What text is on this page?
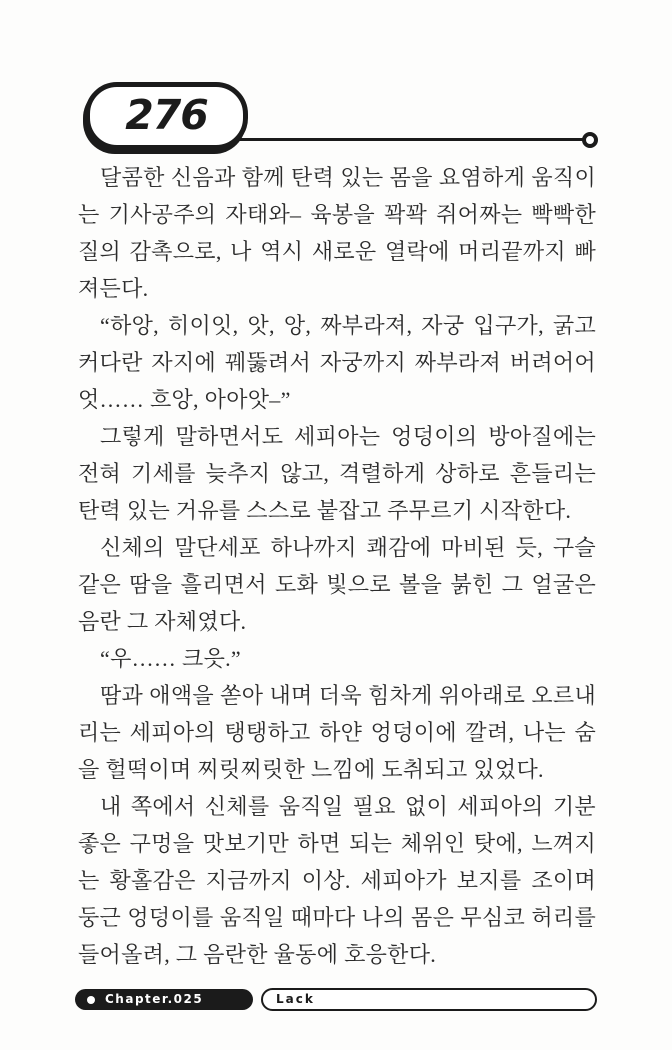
276

달콤한 신음과 함께 탄력 있는 몸을 요염하게 움직이는 기사공주의 자태와– 육봉을 꽉꽉 쥐어짜는 빡빡한 질의 감촉으로, 나 역시 새로운 열락에 머리끝까지 빠져든다.

“하앙, 히이잇, 앗, 앙, 짜부라져, 자궁 입구가, 굵고 커다란 자지에 꿰뚫려서 자궁까지 짜부라져 버려어어엇…… 흐앙, 아아앗–”

그렇게 말하면서도 세피아는 엉덩이의 방아질에는 전혀 기세를 늦추지 않고, 격렬하게 상하로 흔들리는 탄력 있는 거유를 스스로 붙잡고 주무르기 시작한다.

신체의 말단세포 하나까지 쾌감에 마비된 듯, 구슬 같은 땀을 흘리면서 도화 빛으로 볼을 붉힌 그 얼굴은 음란 그 자체였다.

“우…… 크읏.”

땀과 애액을 쏟아 내며 더욱 힘차게 위아래로 오르내리는 세피아의 탱탱하고 하얀 엉덩이에 깔려, 나는 숨을 헐떡이며 찌릿찌릿한 느낌에 도취되고 있었다.

내 쪽에서 신체를 움직일 필요 없이 세피아의 기분 좋은 구멍을 맛보기만 하면 되는 체위인 탓에, 느껴지는 황홀감은 지금까지 이상. 세피아가 보지를 조이며 둥근 엉덩이를 움직일 때마다 나의 몸은 무심코 허리를 들어올려, 그 음란한 율동에 호응한다.

Chapter.025	Lack
